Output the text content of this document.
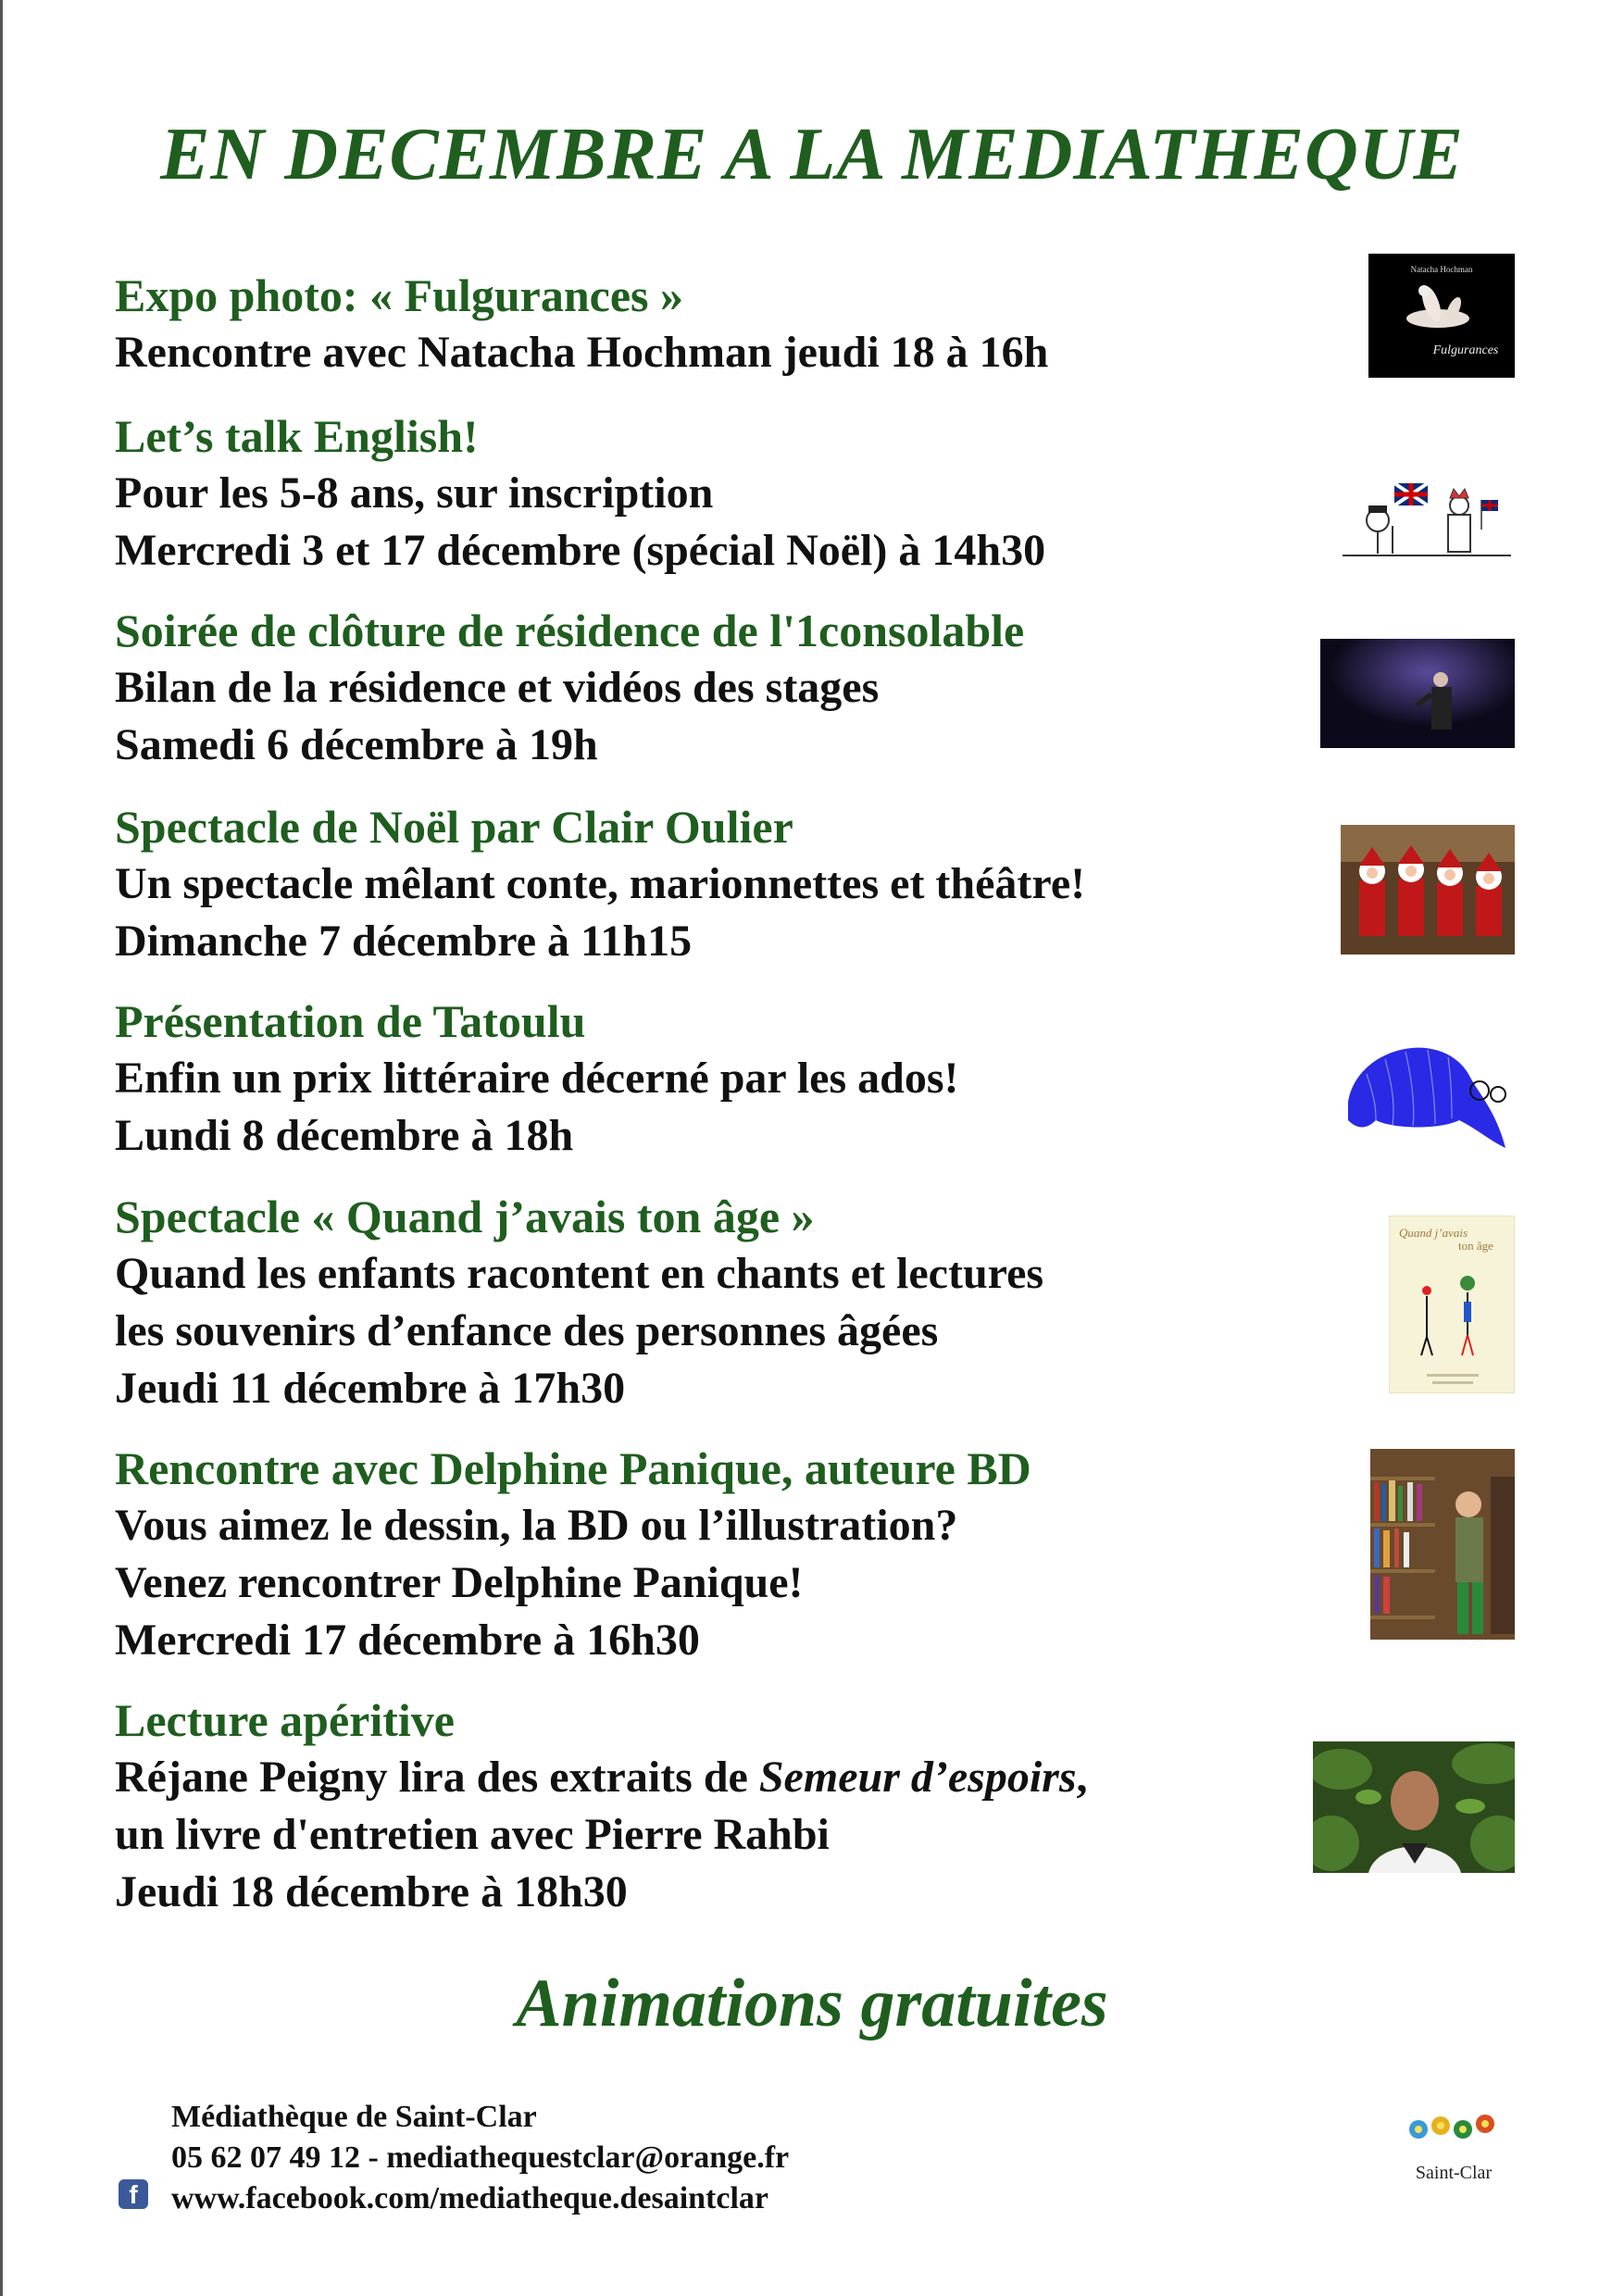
EN DECEMBRE A LA MEDIATHEQUE
Expo photo: « Fulgurances »
Rencontre avec Natacha Hochman jeudi 18 à 16h
Let’s talk English!
Pour les 5-8 ans, sur inscription
Mercredi 3 et 17 décembre (spécial Noël) à 14h30
Soirée de clôture de résidence de l'1consolable
Bilan de la résidence et vidéos des stages
Samedi 6 décembre à 19h
Spectacle de Noël par Clair Oulier
Un spectacle mêlant conte, marionnettes et théâtre!
Dimanche 7 décembre à 11h15
Présentation de Tatoulu
Enfin un prix littéraire décerné par les ados!
Lundi 8 décembre à 18h
Spectacle « Quand j’avais ton âge »
Quand les enfants racontent en chants et lectures
les souvenirs d’enfance des personnes âgées
Jeudi 11 décembre à 17h30
Rencontre avec Delphine Panique, auteure BD
Vous aimez le dessin, la BD ou l’illustration?
Venez rencontrer Delphine Panique!
Mercredi 17 décembre à 16h30
Lecture apéritive
Réjane Peigny lira des extraits de Semeur d’espoirs,
un livre d'entretien avec Pierre Rahbi
Jeudi 18 décembre à 18h30
Natacha Hochman
Fulgurances
Quand j’avais
ton âge
Animations gratuites
Médiathèque de Saint-Clar
05 62 07 49 12 - mediathequestclar@orange.fr
www.facebook.com/mediatheque.desaintclar
f
Saint-Clar
